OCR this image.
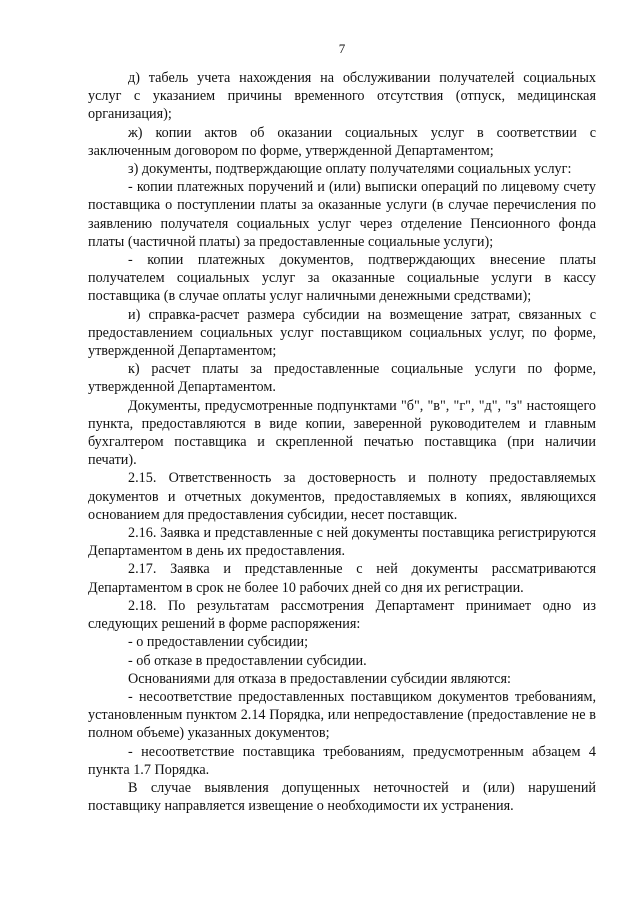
7

д) табель учета нахождения на обслуживании получателей социальных услуг с указанием причины временного отсутствия (отпуск, медицинская организация);

ж) копии актов об оказании социальных услуг в соответствии с заключенным договором по форме, утвержденной Департаментом;

з) документы, подтверждающие оплату получателями социальных услуг:

- копии платежных поручений и (или) выписки операций по лицевому счету поставщика о поступлении платы за оказанные услуги (в случае перечисления по заявлению получателя социальных услуг через отделение Пенсионного фонда платы (частичной платы) за предоставленные социальные услуги);

- копии платежных документов, подтверждающих внесение платы получателем социальных услуг за оказанные социальные услуги в кассу поставщика (в случае оплаты услуг наличными денежными средствами);

и) справка-расчет размера субсидии на возмещение затрат, связанных с предоставлением социальных услуг поставщиком социальных услуг, по форме, утвержденной Департаментом;

к) расчет платы за предоставленные социальные услуги по форме, утвержденной Департаментом.

Документы, предусмотренные подпунктами "б", "в", "г", "д", "з" настоящего пункта, предоставляются в виде копии, заверенной руководителем и главным бухгалтером поставщика и скрепленной печатью поставщика (при наличии печати).

2.15. Ответственность за достоверность и полноту предоставляемых документов и отчетных документов, предоставляемых в копиях, являющихся основанием для предоставления субсидии, несет поставщик.

2.16. Заявка и представленные с ней документы поставщика регистрируются Департаментом в день их предоставления.

2.17. Заявка и представленные с ней документы рассматриваются Департаментом в срок не более 10 рабочих дней со дня их регистрации.

2.18. По результатам рассмотрения Департамент принимает одно из следующих решений в форме распоряжения:

- о предоставлении субсидии;

- об отказе в предоставлении субсидии.

Основаниями для отказа в предоставлении субсидии являются:

- несоответствие предоставленных поставщиком документов требованиям, установленным пунктом 2.14 Порядка, или непредоставление (предоставление не в полном объеме) указанных документов;

- несоответствие поставщика требованиям, предусмотренным абзацем 4 пункта 1.7 Порядка.

В случае выявления допущенных неточностей и (или) нарушений поставщику направляется извещение о необходимости их устранения.
